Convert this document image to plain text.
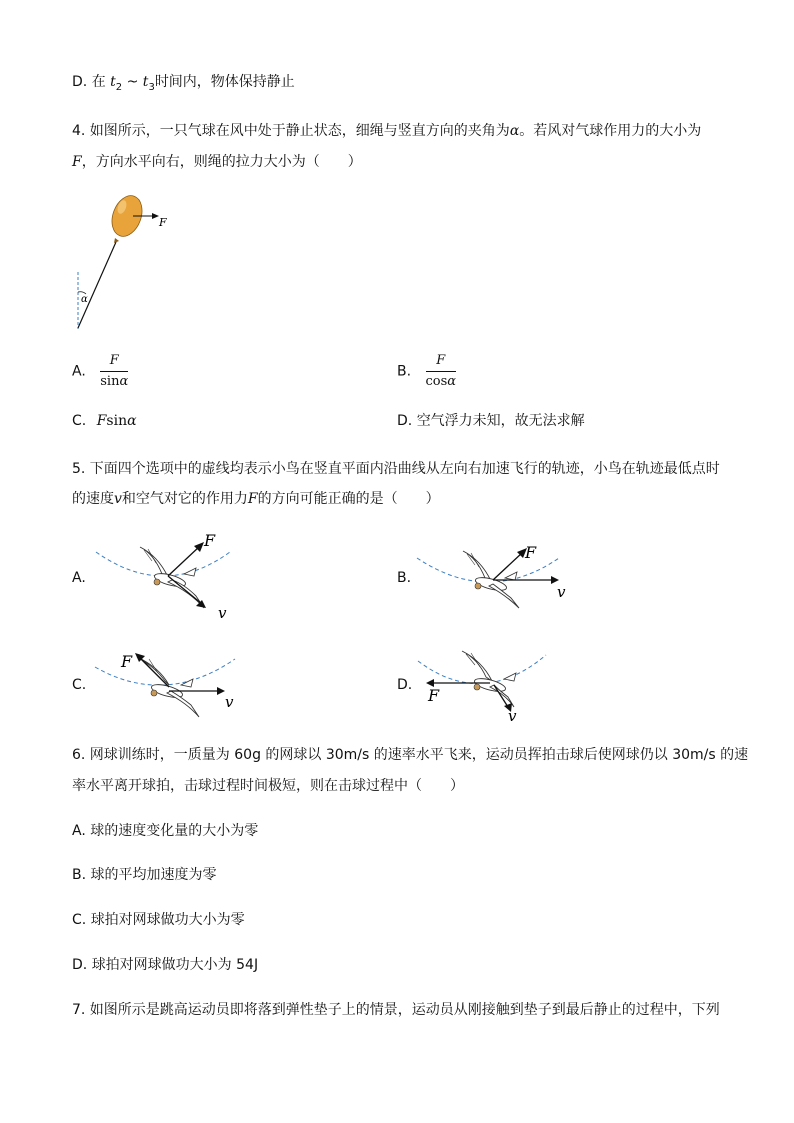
D. 在 $t_2$ ~ $t_3$时间内，物体保持静止
4. 如图所示，一只气球在风中处于静止状态，细绳与竖直方向的夹角为α。若风对气球作用力的大小为
F，方向水平向右，则绳的拉力大小为（　　）
F
α
A. $\frac{F}{\sin\alpha}$	B. $\frac{F}{\cos\alpha}$
C. Fsinα	D. 空气浮力未知，故无法求解
5. 下面四个选项中的虚线均表示小鸟在竖直平面内沿曲线从左向右加速飞行的轨迹，小鸟在轨迹最低点时
的速度v和空气对它的作用力F的方向可能正确的是（　　）
A.
F
v
B.
F
v
C.
F
v
D.
F
v
6. 网球训练时，一质量为 60g 的网球以 30m/s 的速率水平飞来，运动员挥拍击球后使网球仍以 30m/s 的速
率水平离开球拍，击球过程时间极短，则在击球过程中（　　）
A. 球的速度变化量的大小为零
B. 球的平均加速度为零
C. 球拍对网球做功大小为零
D. 球拍对网球做功大小为 54J
7. 如图所示是跳高运动员即将落到弹性垫子上的情景，运动员从刚接触到垫子到最后静止的过程中，下列
